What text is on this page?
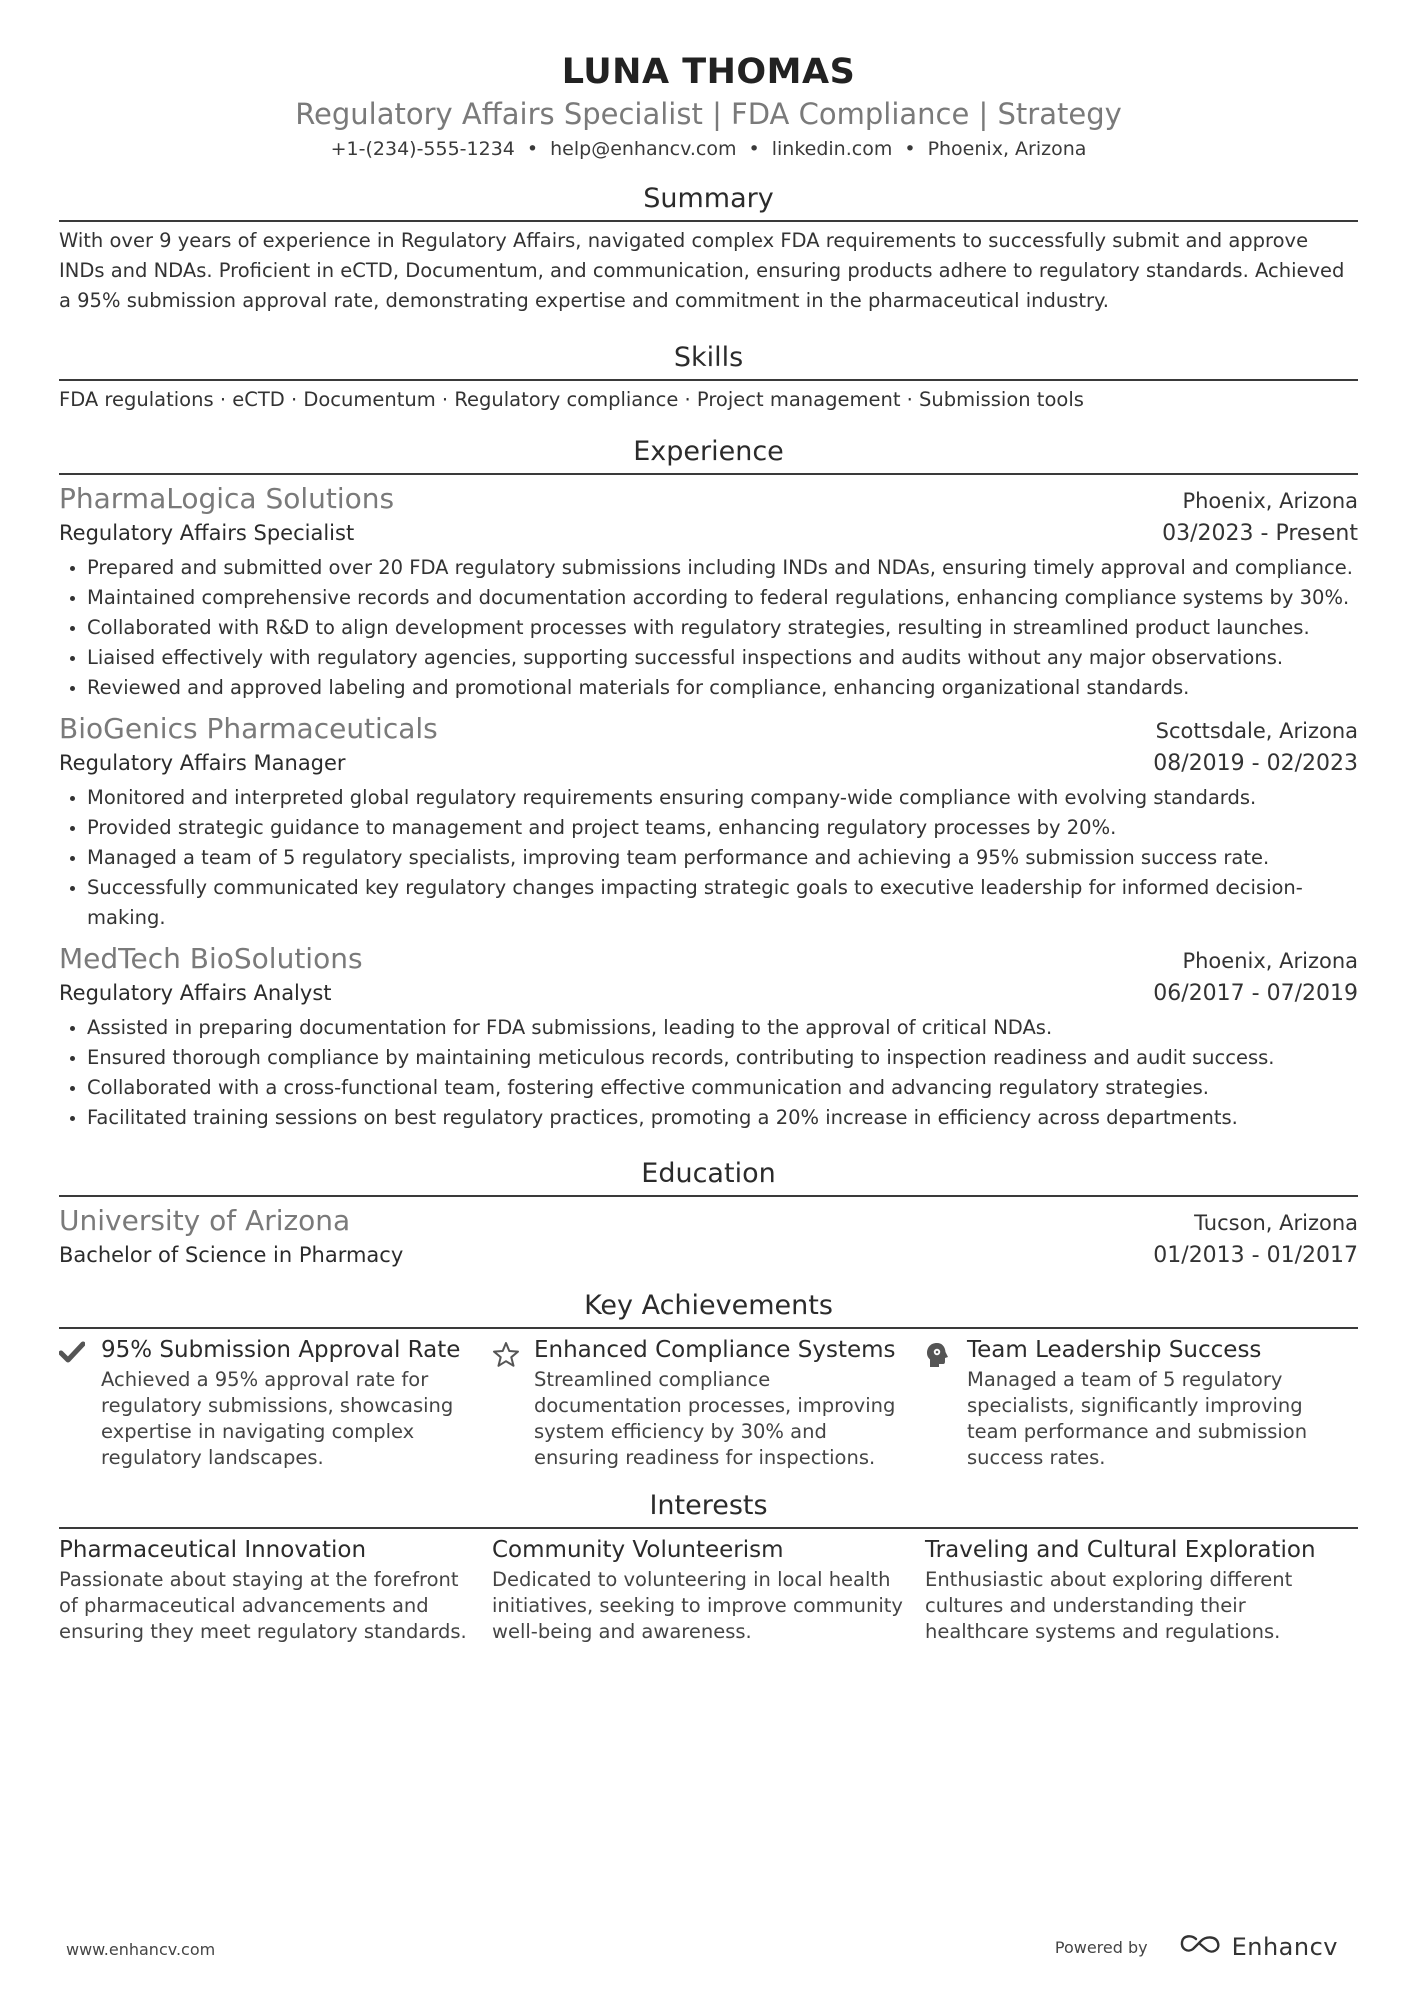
LUNA THOMAS
Regulatory Affairs Specialist | FDA Compliance | Strategy
+1-(234)-555-1234 • help@enhancv.com • linkedin.com • Phoenix, Arizona
Summary
With over 9 years of experience in Regulatory Affairs, navigated complex FDA requirements to successfully submit and approve INDs and NDAs. Proficient in eCTD, Documentum, and communication, ensuring products adhere to regulatory standards. Achieved a 95% submission approval rate, demonstrating expertise and commitment in the pharmaceutical industry.
Skills
FDA regulations · eCTD · Documentum · Regulatory compliance · Project management · Submission tools
Experience
PharmaLogica Solutions	Phoenix, Arizona
Regulatory Affairs Specialist	03/2023 - Present
• Prepared and submitted over 20 FDA regulatory submissions including INDs and NDAs, ensuring timely approval and compliance.
• Maintained comprehensive records and documentation according to federal regulations, enhancing compliance systems by 30%.
• Collaborated with R&D to align development processes with regulatory strategies, resulting in streamlined product launches.
• Liaised effectively with regulatory agencies, supporting successful inspections and audits without any major observations.
• Reviewed and approved labeling and promotional materials for compliance, enhancing organizational standards.
BioGenics Pharmaceuticals	Scottsdale, Arizona
Regulatory Affairs Manager	08/2019 - 02/2023
• Monitored and interpreted global regulatory requirements ensuring company-wide compliance with evolving standards.
• Provided strategic guidance to management and project teams, enhancing regulatory processes by 20%.
• Managed a team of 5 regulatory specialists, improving team performance and achieving a 95% submission success rate.
• Successfully communicated key regulatory changes impacting strategic goals to executive leadership for informed decision-making.
MedTech BioSolutions	Phoenix, Arizona
Regulatory Affairs Analyst	06/2017 - 07/2019
• Assisted in preparing documentation for FDA submissions, leading to the approval of critical NDAs.
• Ensured thorough compliance by maintaining meticulous records, contributing to inspection readiness and audit success.
• Collaborated with a cross-functional team, fostering effective communication and advancing regulatory strategies.
• Facilitated training sessions on best regulatory practices, promoting a 20% increase in efficiency across departments.
Education
University of Arizona	Tucson, Arizona
Bachelor of Science in Pharmacy	01/2013 - 01/2017
Key Achievements
95% Submission Approval Rate
Achieved a 95% approval rate for regulatory submissions, showcasing expertise in navigating complex regulatory landscapes.
Enhanced Compliance Systems
Streamlined compliance documentation processes, improving system efficiency by 30% and ensuring readiness for inspections.
Team Leadership Success
Managed a team of 5 regulatory specialists, significantly improving team performance and submission success rates.
Interests
Pharmaceutical Innovation
Passionate about staying at the forefront of pharmaceutical advancements and ensuring they meet regulatory standards.
Community Volunteerism
Dedicated to volunteering in local health initiatives, seeking to improve community well-being and awareness.
Traveling and Cultural Exploration
Enthusiastic about exploring different cultures and understanding their healthcare systems and regulations.
www.enhancv.com	Powered by	Enhancv
